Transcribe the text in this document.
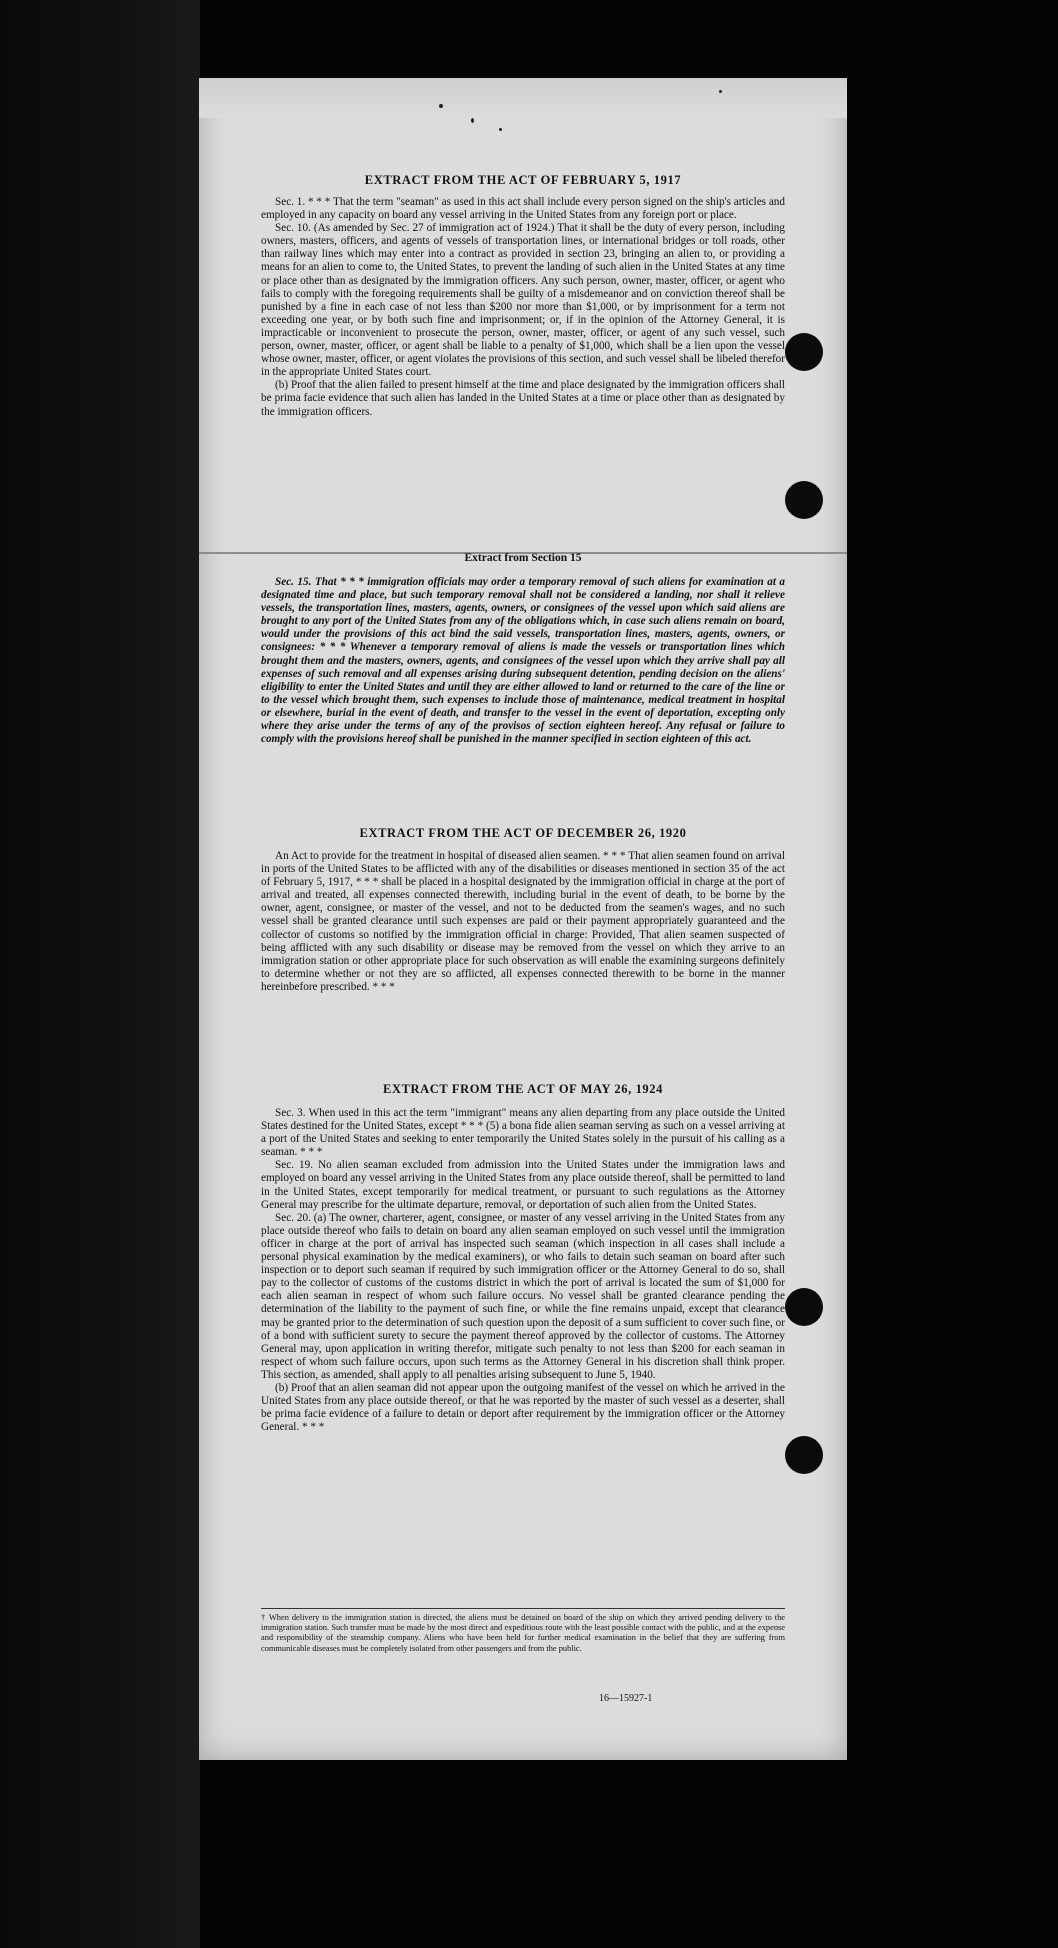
EXTRACT FROM THE ACT OF FEBRUARY 5, 1917

Sec. 1. * * * That the term "seaman" as used in this act shall include every person signed on the ship's articles and employed in any capacity on board any vessel arriving in the United States from any foreign port or place.

Sec. 10. (As amended by Sec. 27 of immigration act of 1924.) That it shall be the duty of every person, including owners, masters, officers, and agents of vessels of transportation lines, or international bridges or toll roads, other than railway lines which may enter into a contract as provided in section 23, bringing an alien to, or providing a means for an alien to come to, the United States, to prevent the landing of such alien in the United States at any time or place other than as designated by the immigration officers. Any such person, owner, master, officer, or agent who fails to comply with the foregoing requirements shall be guilty of a misdemeanor and on conviction thereof shall be punished by a fine in each case of not less than $200 nor more than $1,000, or by imprisonment for a term not exceeding one year, or by both such fine and imprisonment; or, if in the opinion of the Attorney General, it is impracticable or inconvenient to prosecute the person, owner, master, officer, or agent of any such vessel, such person, owner, master, officer, or agent shall be liable to a penalty of $1,000, which shall be a lien upon the vessel whose owner, master, officer, or agent violates the provisions of this section, and such vessel shall be libeled therefor in the appropriate United States court.

(b) Proof that the alien failed to present himself at the time and place designated by the immigration officers shall be prima facie evidence that such alien has landed in the United States at a time or place other than as designated by the immigration officers.

Extract from Section 15

Sec. 15. That * * * immigration officials may order a temporary removal of such aliens for examination at a designated time and place, but such temporary removal shall not be considered a landing, nor shall it relieve vessels, the transportation lines, masters, agents, owners, or consignees of the vessel upon which said aliens are brought to any port of the United States from any of the obligations which, in case such aliens remain on board, would under the provisions of this act bind the said vessels, transportation lines, masters, agents, owners, or consignees: * * * Whenever a temporary removal of aliens is made the vessels or transportation lines which brought them and the masters, owners, agents, and consignees of the vessel upon which they arrive shall pay all expenses of such removal and all expenses arising during subsequent detention, pending decision on the aliens' eligibility to enter the United States and until they are either allowed to land or returned to the care of the line or to the vessel which brought them, such expenses to include those of maintenance, medical treatment in hospital or elsewhere, burial in the event of death, and transfer to the vessel in the event of deportation, excepting only where they arise under the terms of any of the provisos of section eighteen hereof. Any refusal or failure to comply with the provisions hereof shall be punished in the manner specified in section eighteen of this act.

EXTRACT FROM THE ACT OF DECEMBER 26, 1920

An Act to provide for the treatment in hospital of diseased alien seamen. * * * That alien seamen found on arrival in ports of the United States to be afflicted with any of the disabilities or diseases mentioned in section 35 of the act of February 5, 1917, * * * shall be placed in a hospital designated by the immigration official in charge at the port of arrival and treated, all expenses connected therewith, including burial in the event of death, to be borne by the owner, agent, consignee, or master of the vessel, and not to be deducted from the seamen's wages, and no such vessel shall be granted clearance until such expenses are paid or their payment appropriately guaranteed and the collector of customs so notified by the immigration official in charge: Provided, That alien seamen suspected of being afflicted with any such disability or disease may be removed from the vessel on which they arrive to an immigration station or other appropriate place for such observation as will enable the examining surgeons definitely to determine whether or not they are so afflicted, all expenses connected therewith to be borne in the manner hereinbefore prescribed. * * *

EXTRACT FROM THE ACT OF MAY 26, 1924

Sec. 3. When used in this act the term "immigrant" means any alien departing from any place outside the United States destined for the United States, except * * * (5) a bona fide alien seaman serving as such on a vessel arriving at a port of the United States and seeking to enter temporarily the United States solely in the pursuit of his calling as a seaman. * * *

Sec. 19. No alien seaman excluded from admission into the United States under the immigration laws and employed on board any vessel arriving in the United States from any place outside thereof, shall be permitted to land in the United States, except temporarily for medical treatment, or pursuant to such regulations as the Attorney General may prescribe for the ultimate departure, removal, or deportation of such alien from the United States.

Sec. 20. (a) The owner, charterer, agent, consignee, or master of any vessel arriving in the United States from any place outside thereof who fails to detain on board any alien seaman employed on such vessel until the immigration officer in charge at the port of arrival has inspected such seaman (which inspection in all cases shall include a personal physical examination by the medical examiners), or who fails to detain such seaman on board after such inspection or to deport such seaman if required by such immigration officer or the Attorney General to do so, shall pay to the collector of customs of the customs district in which the port of arrival is located the sum of $1,000 for each alien seaman in respect of whom such failure occurs. No vessel shall be granted clearance pending the determination of the liability to the payment of such fine, or while the fine remains unpaid, except that clearance may be granted prior to the determination of such question upon the deposit of a sum sufficient to cover such fine, or of a bond with sufficient surety to secure the payment thereof approved by the collector of customs. The Attorney General may, upon application in writing therefor, mitigate such penalty to not less than $200 for each seaman in respect of whom such failure occurs, upon such terms as the Attorney General in his discretion shall think proper. This section, as amended, shall apply to all penalties arising subsequent to June 5, 1940.

(b) Proof that an alien seaman did not appear upon the outgoing manifest of the vessel on which he arrived in the United States from any place outside thereof, or that he was reported by the master of such vessel as a deserter, shall be prima facie evidence of a failure to detain or deport after requirement by the immigration officer or the Attorney General. * * *

† When delivery to the immigration station is directed, the aliens must be detained on board of the ship on which they arrived pending delivery to the immigration station. Such transfer must be made by the most direct and expeditious route with the least possible contact with the public, and at the expense and responsibility of the steamship company. Aliens who have been held for further medical examination in the belief that they are suffering from communicable diseases must be completely isolated from other passengers and from the public.
16—15927-1
